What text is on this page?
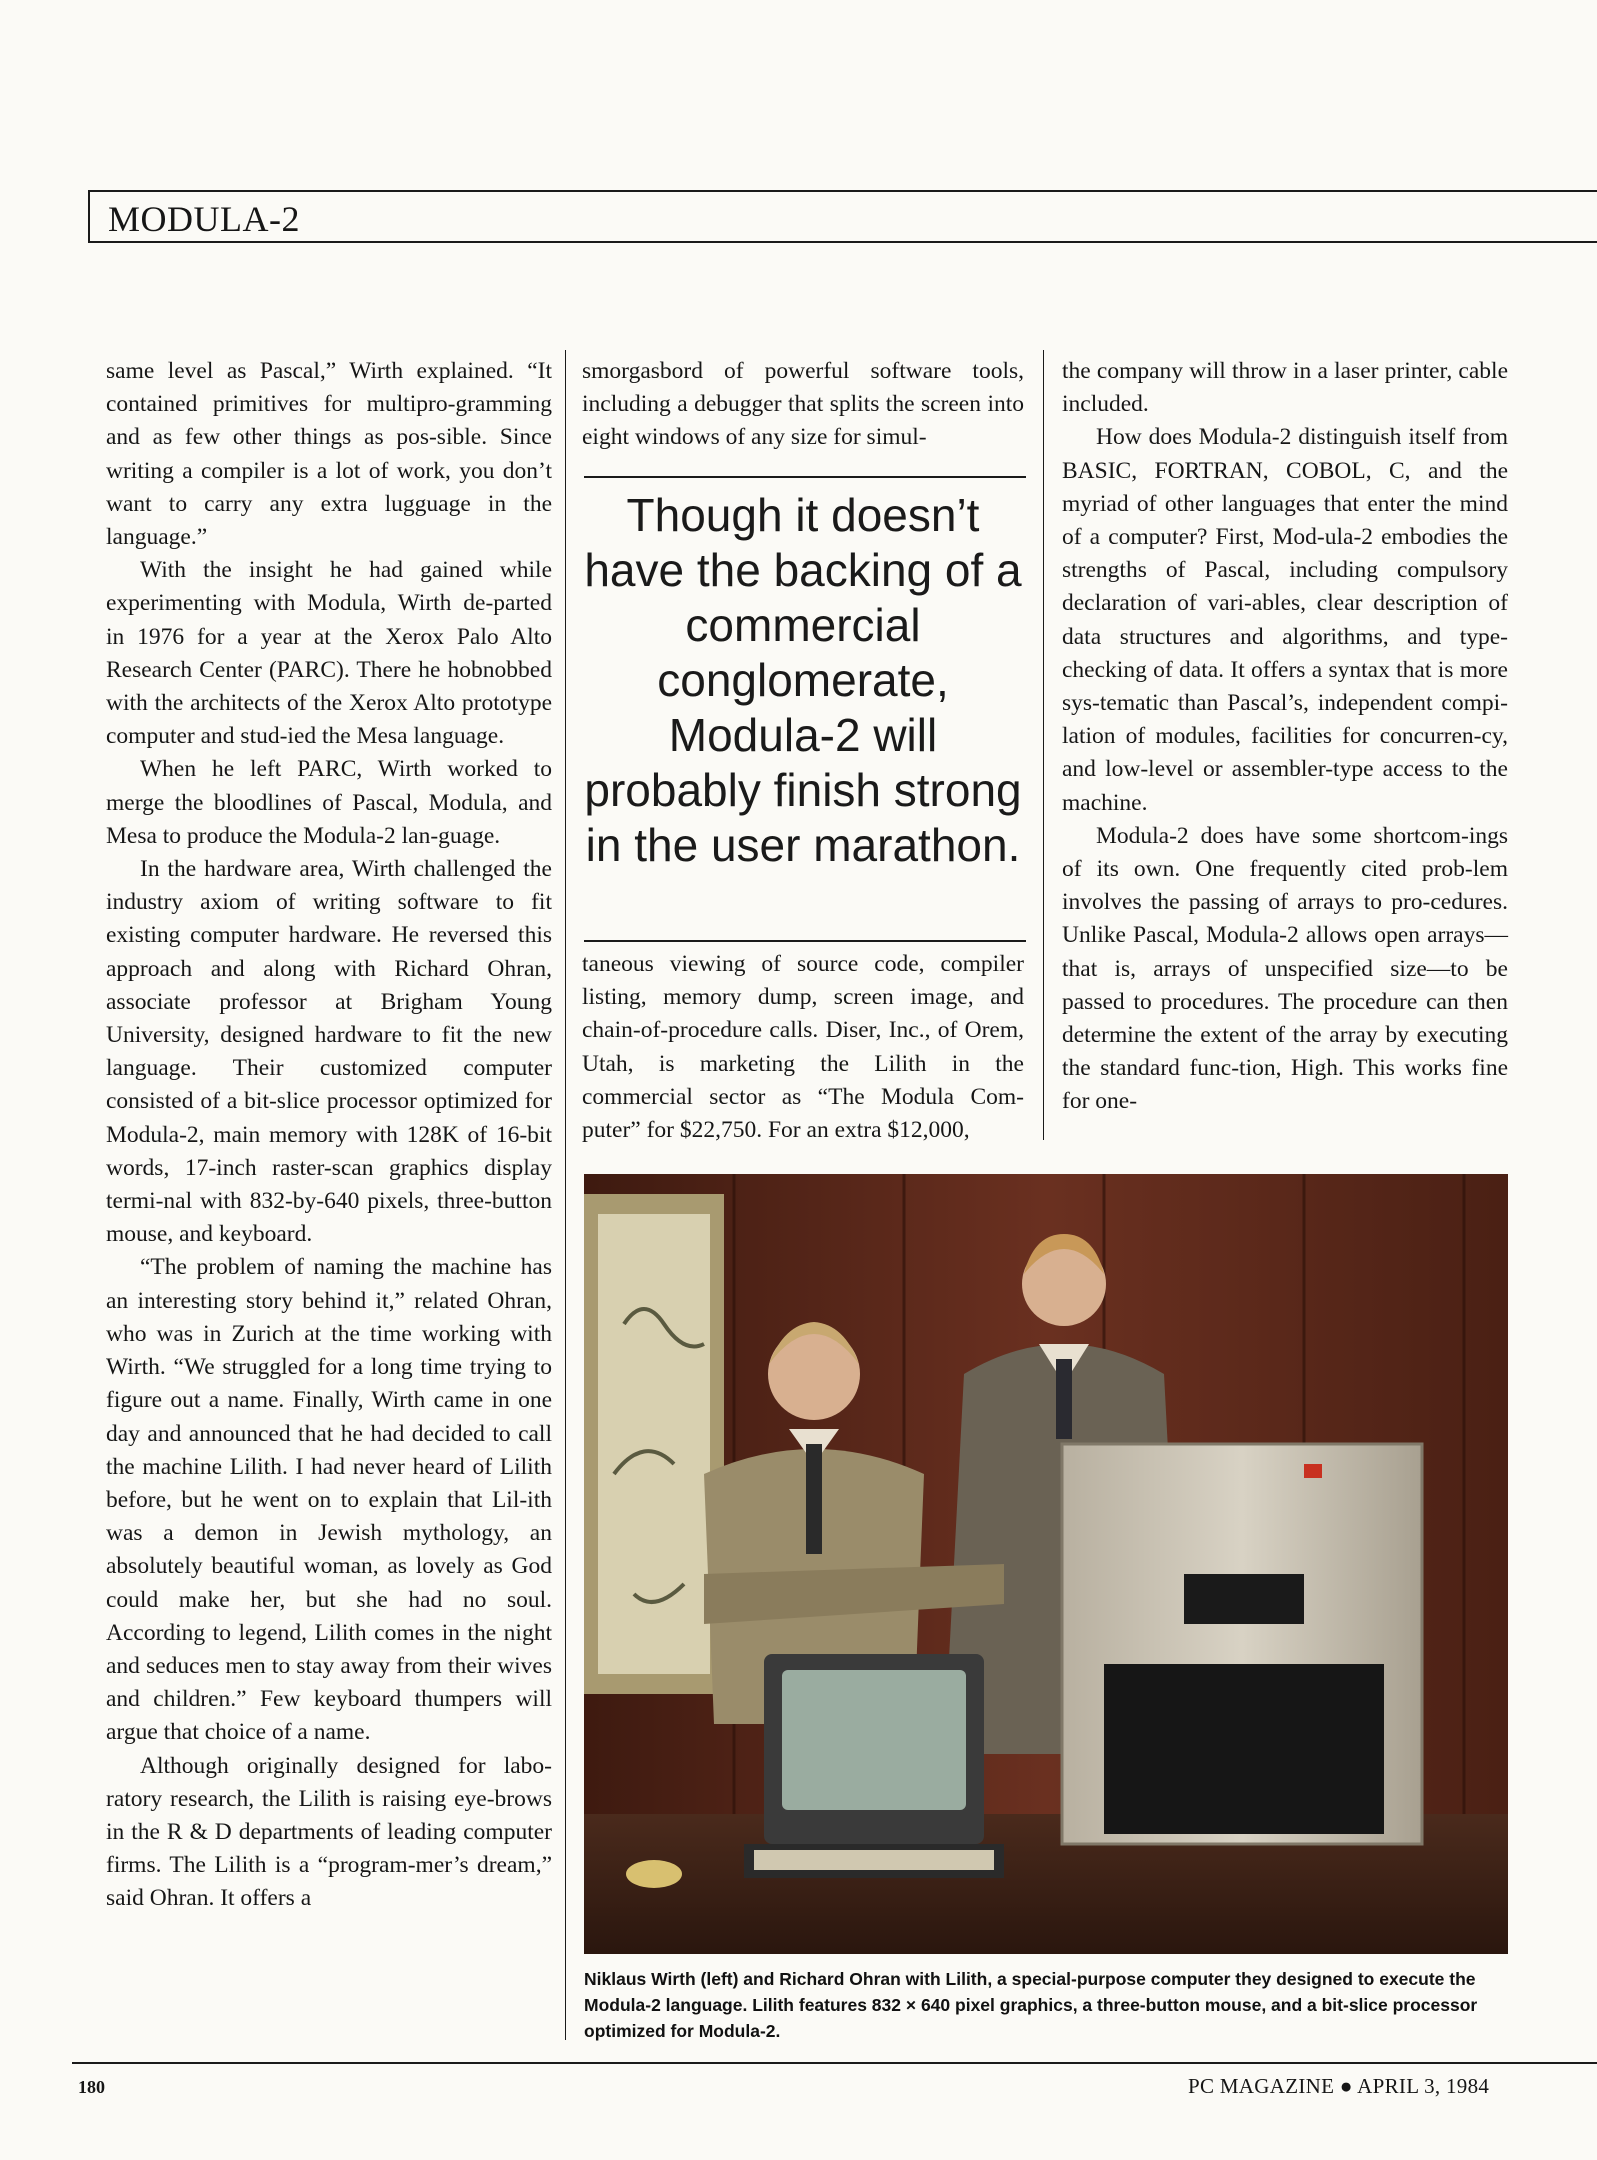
MODULA-2

same level as Pascal,” Wirth explained. “It contained primitives for multipro-gramming and as few other things as pos-sible. Since writing a compiler is a lot of work, you don’t want to carry any extra lugguage in the language.”

With the insight he had gained while experimenting with Modula, Wirth de-parted in 1976 for a year at the Xerox Palo Alto Research Center (PARC). There he hobnobbed with the architects of the Xerox Alto prototype computer and stud-ied the Mesa language.

When he left PARC, Wirth worked to merge the bloodlines of Pascal, Modula, and Mesa to produce the Modula-2 lan-guage.

In the hardware area, Wirth challenged the industry axiom of writing software to fit existing computer hardware. He reversed this approach and along with Richard Ohran, associate professor at Brigham Young University, designed hardware to fit the new language. Their customized computer consisted of a bit-slice processor optimized for Modula-2, main memory with 128K of 16-bit words, 17-inch raster-scan graphics display termi-nal with 832-by-640 pixels, three-button mouse, and keyboard.

“The problem of naming the machine has an interesting story behind it,” related Ohran, who was in Zurich at the time working with Wirth. “We struggled for a long time trying to figure out a name. Finally, Wirth came in one day and announced that he had decided to call the machine Lilith. I had never heard of Lilith before, but he went on to explain that Lil-ith was a demon in Jewish mythology, an absolutely beautiful woman, as lovely as God could make her, but she had no soul. According to legend, Lilith comes in the night and seduces men to stay away from their wives and children.” Few keyboard thumpers will argue that choice of a name.

Although originally designed for labo-ratory research, the Lilith is raising eye-brows in the R & D departments of leading computer firms. The Lilith is a “program-mer’s dream,” said Ohran. It offers a

smorgasbord of powerful software tools, including a debugger that splits the screen into eight windows of any size for simul-

Though it doesn’t have the backing of a commercial conglomerate, Modula-2 will probably finish strong in the user marathon.

taneous viewing of source code, compiler listing, memory dump, screen image, and chain-of-procedure calls. Diser, Inc., of Orem, Utah, is marketing the Lilith in the commercial sector as “The Modula Com-puter” for $22,750. For an extra $12,000,

the company will throw in a laser printer, cable included.

How does Modula-2 distinguish itself from BASIC, FORTRAN, COBOL, C, and the myriad of other languages that enter the mind of a computer? First, Mod-ula-2 embodies the strengths of Pascal, including compulsory declaration of vari-ables, clear description of data structures and algorithms, and type-checking of data. It offers a syntax that is more sys-tematic than Pascal’s, independent compi-lation of modules, facilities for concurren-cy, and low-level or assembler-type access to the machine.

Modula-2 does have some shortcom-ings of its own. One frequently cited prob-lem involves the passing of arrays to pro-cedures. Unlike Pascal, Modula-2 allows open arrays—that is, arrays of unspecified size—to be passed to procedures. The procedure can then determine the extent of the array by executing the standard func-tion, High. This works fine for one-

Niklaus Wirth (left) and Richard Ohran with Lilith, a special-purpose computer they designed to execute the Modula-2 language. Lilith features 832 × 640 pixel graphics, a three-button mouse, and a bit-slice processor optimized for Modula-2.

180	PC MAGAZINE ● APRIL 3, 1984
